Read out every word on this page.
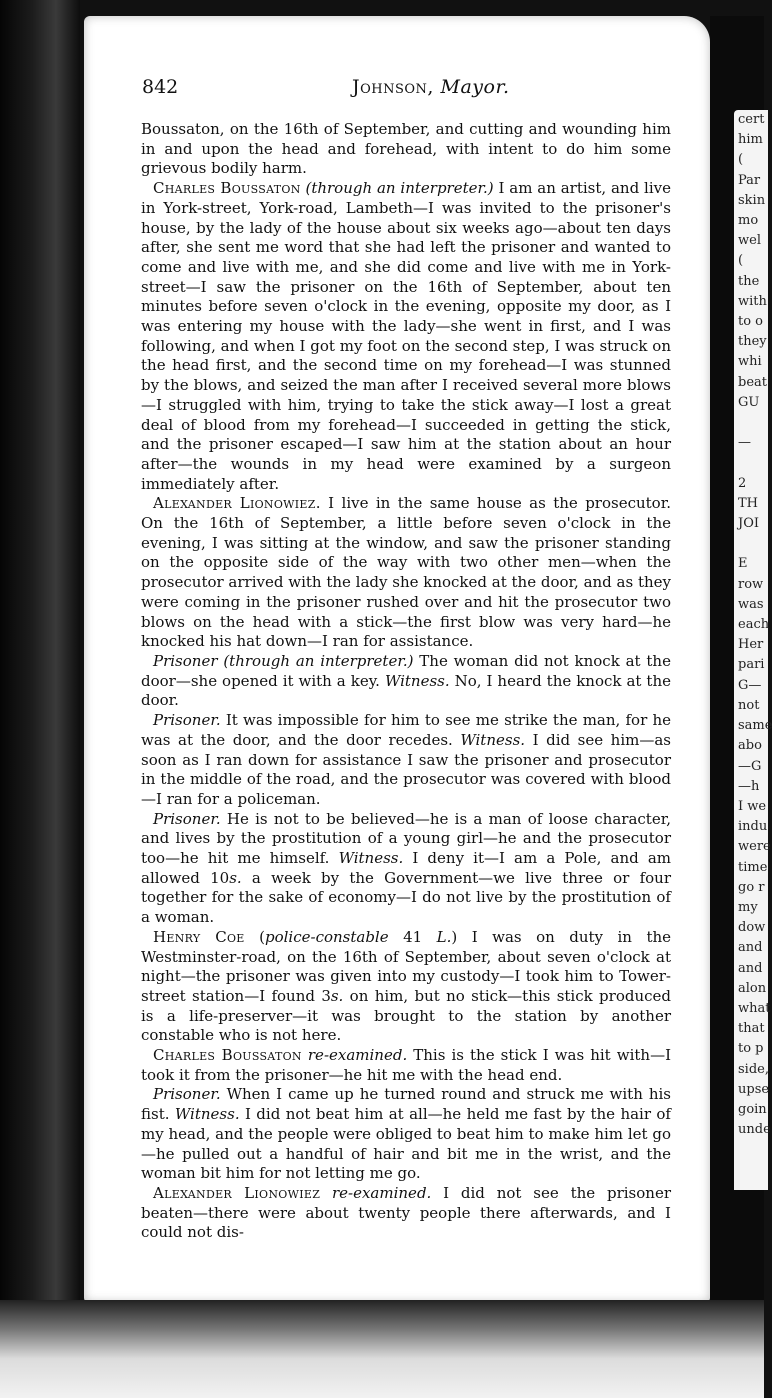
cert
him
(
Par
skin
mo
wel
(
the
with
to o
they
whi
beat
GU

—

2
TH
JOI

E
row
was
each
Her
pari
G—
not
same
abo
—G
—h
I we
indu
were
time
go r
my
dow
and
and
alon
what
that
to p
side,
upse
goin
unde
842	Johnson, Mayor.

Boussaton, on the 16th of September, and cutting and wounding him in and upon the head and forehead, with intent to do him some grievous bodily harm.

Charles Boussaton (through an interpreter.) I am an artist, and live in York-street, York-road, Lambeth—I was invited to the prisoner's house, by the lady of the house about six weeks ago—about ten days after, she sent me word that she had left the prisoner and wanted to come and live with me, and she did come and live with me in York-street—I saw the prisoner on the 16th of September, about ten minutes before seven o'clock in the evening, opposite my door, as I was entering my house with the lady—she went in first, and I was following, and when I got my foot on the second step, I was struck on the head first, and the second time on my forehead—I was stunned by the blows, and seized the man after I received several more blows—I struggled with him, trying to take the stick away—I lost a great deal of blood from my forehead—I succeeded in getting the stick, and the prisoner escaped—I saw him at the station about an hour after—the wounds in my head were examined by a surgeon immediately after.

Alexander Lionowiez. I live in the same house as the prosecutor. On the 16th of September, a little before seven o'clock in the evening, I was sitting at the window, and saw the prisoner standing on the opposite side of the way with two other men—when the prosecutor arrived with the lady she knocked at the door, and as they were coming in the prisoner rushed over and hit the prosecutor two blows on the head with a stick—the first blow was very hard—he knocked his hat down—I ran for assistance.

Prisoner (through an interpreter.) The woman did not knock at the door—she opened it with a key. Witness. No, I heard the knock at the door.

Prisoner. It was impossible for him to see me strike the man, for he was at the door, and the door recedes. Witness. I did see him—as soon as I ran down for assistance I saw the prisoner and prosecutor in the middle of the road, and the prosecutor was covered with blood—I ran for a policeman.

Prisoner. He is not to be believed—he is a man of loose character, and lives by the prostitution of a young girl—he and the prosecutor too—he hit me himself. Witness. I deny it—I am a Pole, and am allowed 10s. a week by the Government—we live three or four together for the sake of economy—I do not live by the prostitution of a woman.

Henry Coe (police-constable 41 L.) I was on duty in the Westminster-road, on the 16th of September, about seven o'clock at night—the prisoner was given into my custody—I took him to Tower-street station—I found 3s. on him, but no stick—this stick produced is a life-preserver—it was brought to the station by another constable who is not here.

Charles Boussaton re-examined. This is the stick I was hit with—I took it from the prisoner—he hit me with the head end.

Prisoner. When I came up he turned round and struck me with his fist. Witness. I did not beat him at all—he held me fast by the hair of my head, and the people were obliged to beat him to make him let go—he pulled out a handful of hair and bit me in the wrist, and the woman bit him for not letting me go.

Alexander Lionowiez re-examined. I did not see the prisoner beaten—there were about twenty people there afterwards, and I could not dis-
